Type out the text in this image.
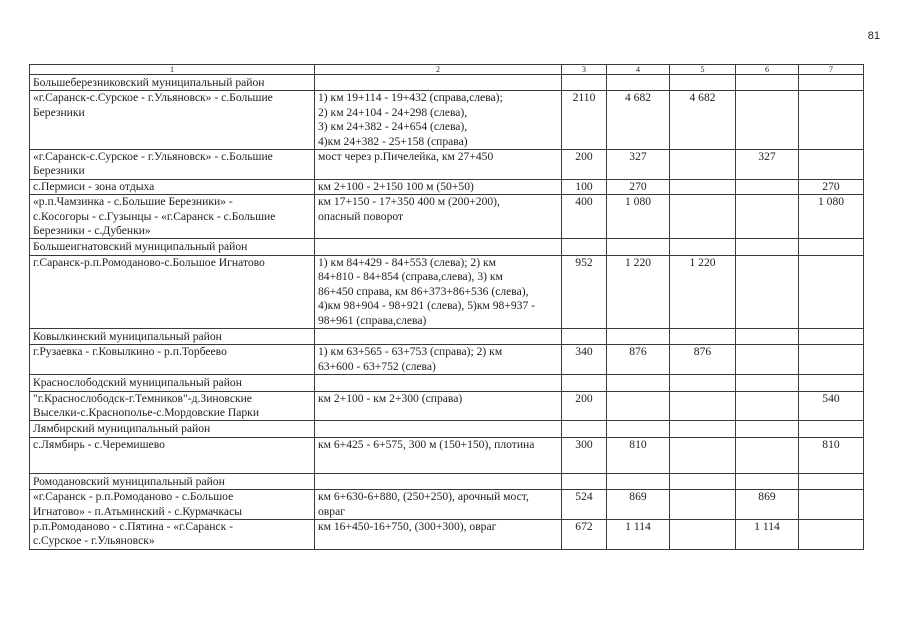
81
1	2	3	4	5	6	7
Большеберезниковский муниципальный район						
«г.Саранск-с.Сурское - г.Ульяновск» - с.Большие
Березники	1) км 19+114 - 19+432 (справа,слева);
2) км 24+104 - 24+298 (слева),
3) км 24+382 - 24+654 (слева),
4)км 24+382 - 25+158 (справа)	2110	4 682	4 682		
«г.Саранск-с.Сурское - г.Ульяновск» - с.Большие
Березники	мост через р.Пичелейка, км 27+450	200	327		327	
с.Пермиси - зона отдыха	км 2+100 - 2+150 100 м (50+50)	100	270			270
«р.п.Чамзинка - с.Большие Березники» -
с.Косогоры - с.Гузынцы - «г.Саранск - с.Большие
Березники - с.Дубенки»	км 17+150 - 17+350 400 м (200+200),
опасный поворот	400	1 080			1 080
Большеигнатовский муниципальный район						
г.Саранск-р.п.Ромоданово-с.Большое Игнатово	1) км 84+429 - 84+553 (слева); 2) км
84+810 - 84+854 (справа,слева), 3) км
86+450 справа, км 86+373+86+536 (слева),
4)км 98+904 - 98+921 (слева), 5)км 98+937 -
98+961 (справа,слева)	952	1 220	1 220		
Ковылкинский муниципальный район						
г.Рузаевка - г.Ковылкино - р.п.Торбеево	1) км 63+565 - 63+753 (справа); 2) км
63+600 - 63+752 (слева)	340	876	876		
Краснослободский муниципальный район						
"г.Краснослободск-г.Темников"-д.Зиновские
Выселки-с.Краснополье-с.Мордовские Парки	км 2+100 - км 2+300 (справа)	200				540
Лямбирский муниципальный район						
с.Лямбирь - с.Черемишево	км 6+425 - 6+575, 300 м (150+150), плотина	300	810			810
Ромодановский муниципальный район						
«г.Саранск - р.п.Ромоданово - с.Большое
Игнатово» - п.Атьминский - с.Курмачкасы	км 6+630-6+880, (250+250), арочный мост,
овраг	524	869		869	
р.п.Ромоданово - с.Пятина - «г.Саранск -
с.Сурское - г.Ульяновск»	км 16+450-16+750, (300+300), овраг	672	1 114		1 114	
